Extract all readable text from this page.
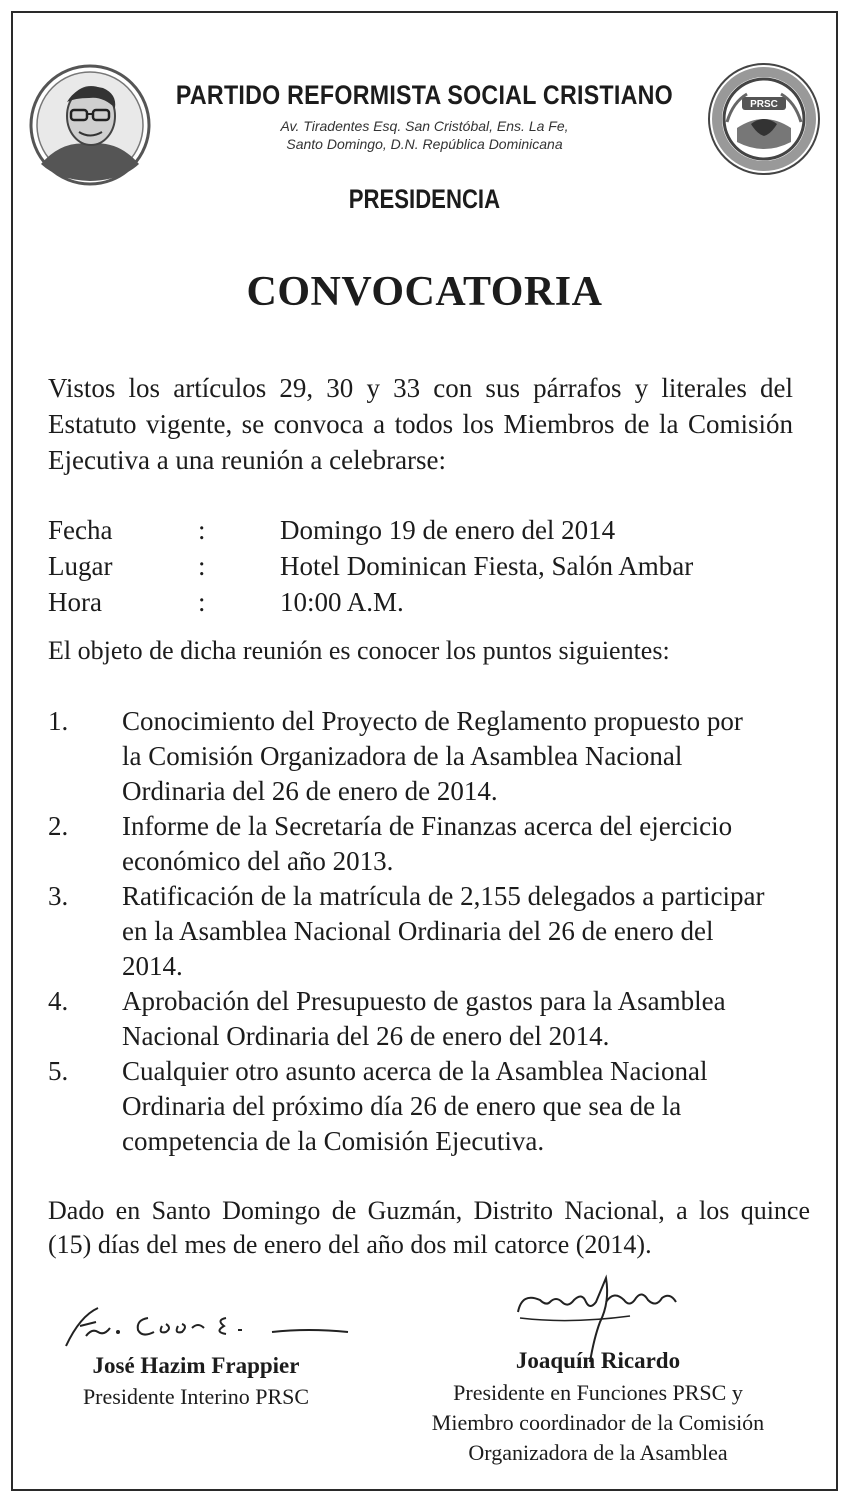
PRSC
PARTIDO REFORMISTA SOCIAL CRISTIANO
Av. Tiradentes Esq. San Cristóbal, Ens. La Fe,
Santo Domingo, D.N. República Dominicana
PRESIDENCIA
CONVOCATORIA
Vistos los artículos 29, 30 y 33 con sus párrafos y literales del Estatuto vigente, se convoca a todos los Miembros de la Comisión Ejecutiva a una reunión a celebrarse:
Fecha	:	Domingo 19 de enero del 2014
Lugar	:	Hotel Dominican Fiesta, Salón Ambar
Hora	:	10:00 A.M.
El objeto de dicha reunión es conocer los puntos siguientes:
1. Conocimiento del Proyecto de Reglamento propuesto por
la Comisión Organizadora de la Asamblea Nacional
Ordinaria del 26 de enero de 2014.
2. Informe de la Secretaría de Finanzas acerca del ejercicio
económico del año 2013.
3. Ratificación de la matrícula de 2,155 delegados a participar
en la Asamblea Nacional Ordinaria del 26 de enero del
2014.
4. Aprobación del Presupuesto de gastos para la Asamblea
Nacional Ordinaria del 26 de enero del 2014.
5. Cualquier otro asunto acerca de la Asamblea Nacional
Ordinaria del próximo día 26 de enero que sea de la
competencia de la Comisión Ejecutiva.
Dado en Santo Domingo de Guzmán, Distrito Nacional, a los quince (15) días del mes de enero del año dos mil catorce (2014).
José Hazim Frappier
Presidente Interino PRSC
Joaquín Ricardo
Presidente en Funciones PRSC y
Miembro coordinador de la Comisión
Organizadora de la Asamblea
